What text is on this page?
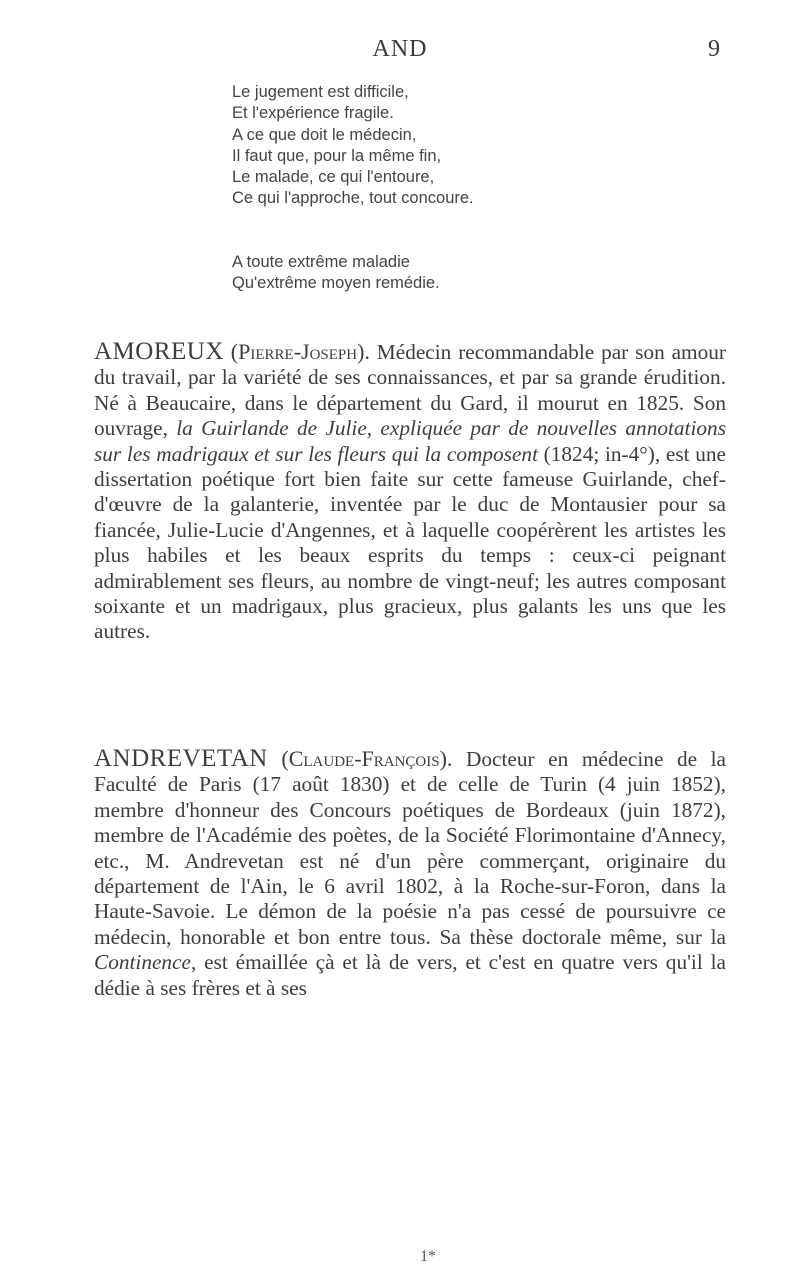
AND	9
Le jugement est difficile,
Et l'expérience fragile.
A ce que doit le médecin,
Il faut que, pour la même fin,
Le malade, ce qui l'entoure,
Ce qui l'approche, tout concoure.
A toute extrême maladie
Qu'extrême moyen remédie.

AMOREUX (Pierre-Joseph). Médecin recommandable par son amour du travail, par la variété de ses connaissances, et par sa grande érudition. Né à Beaucaire, dans le département du Gard, il mourut en 1825. Son ouvrage, la Guirlande de Julie, expliquée par de nouvelles annotations sur les madrigaux et sur les fleurs qui la composent (1824; in-4°), est une dissertation poétique fort bien faite sur cette fameuse Guirlande, chef-d'œuvre de la galanterie, inventée par le duc de Montausier pour sa fiancée, Julie-Lucie d'Angennes, et à laquelle coopérèrent les artistes les plus habiles et les beaux esprits du temps : ceux-ci peignant admirablement ses fleurs, au nombre de vingt-neuf; les autres composant soixante et un madrigaux, plus gracieux, plus galants les uns que les autres.

ANDREVETAN (Claude-François). Docteur en médecine de la Faculté de Paris (17 août 1830) et de celle de Turin (4 juin 1852), membre d'honneur des Concours poétiques de Bordeaux (juin 1872), membre de l'Académie des poètes, de la Société Florimontaine d'Annecy, etc., M. Andrevetan est né d'un père commerçant, originaire du département de l'Ain, le 6 avril 1802, à la Roche-sur-Foron, dans la Haute-Savoie. Le démon de la poésie n'a pas cessé de poursuivre ce médecin, honorable et bon entre tous. Sa thèse doctorale même, sur la Continence, est émaillée çà et là de vers, et c'est en quatre vers qu'il la dédie à ses frères et à ses

1*
